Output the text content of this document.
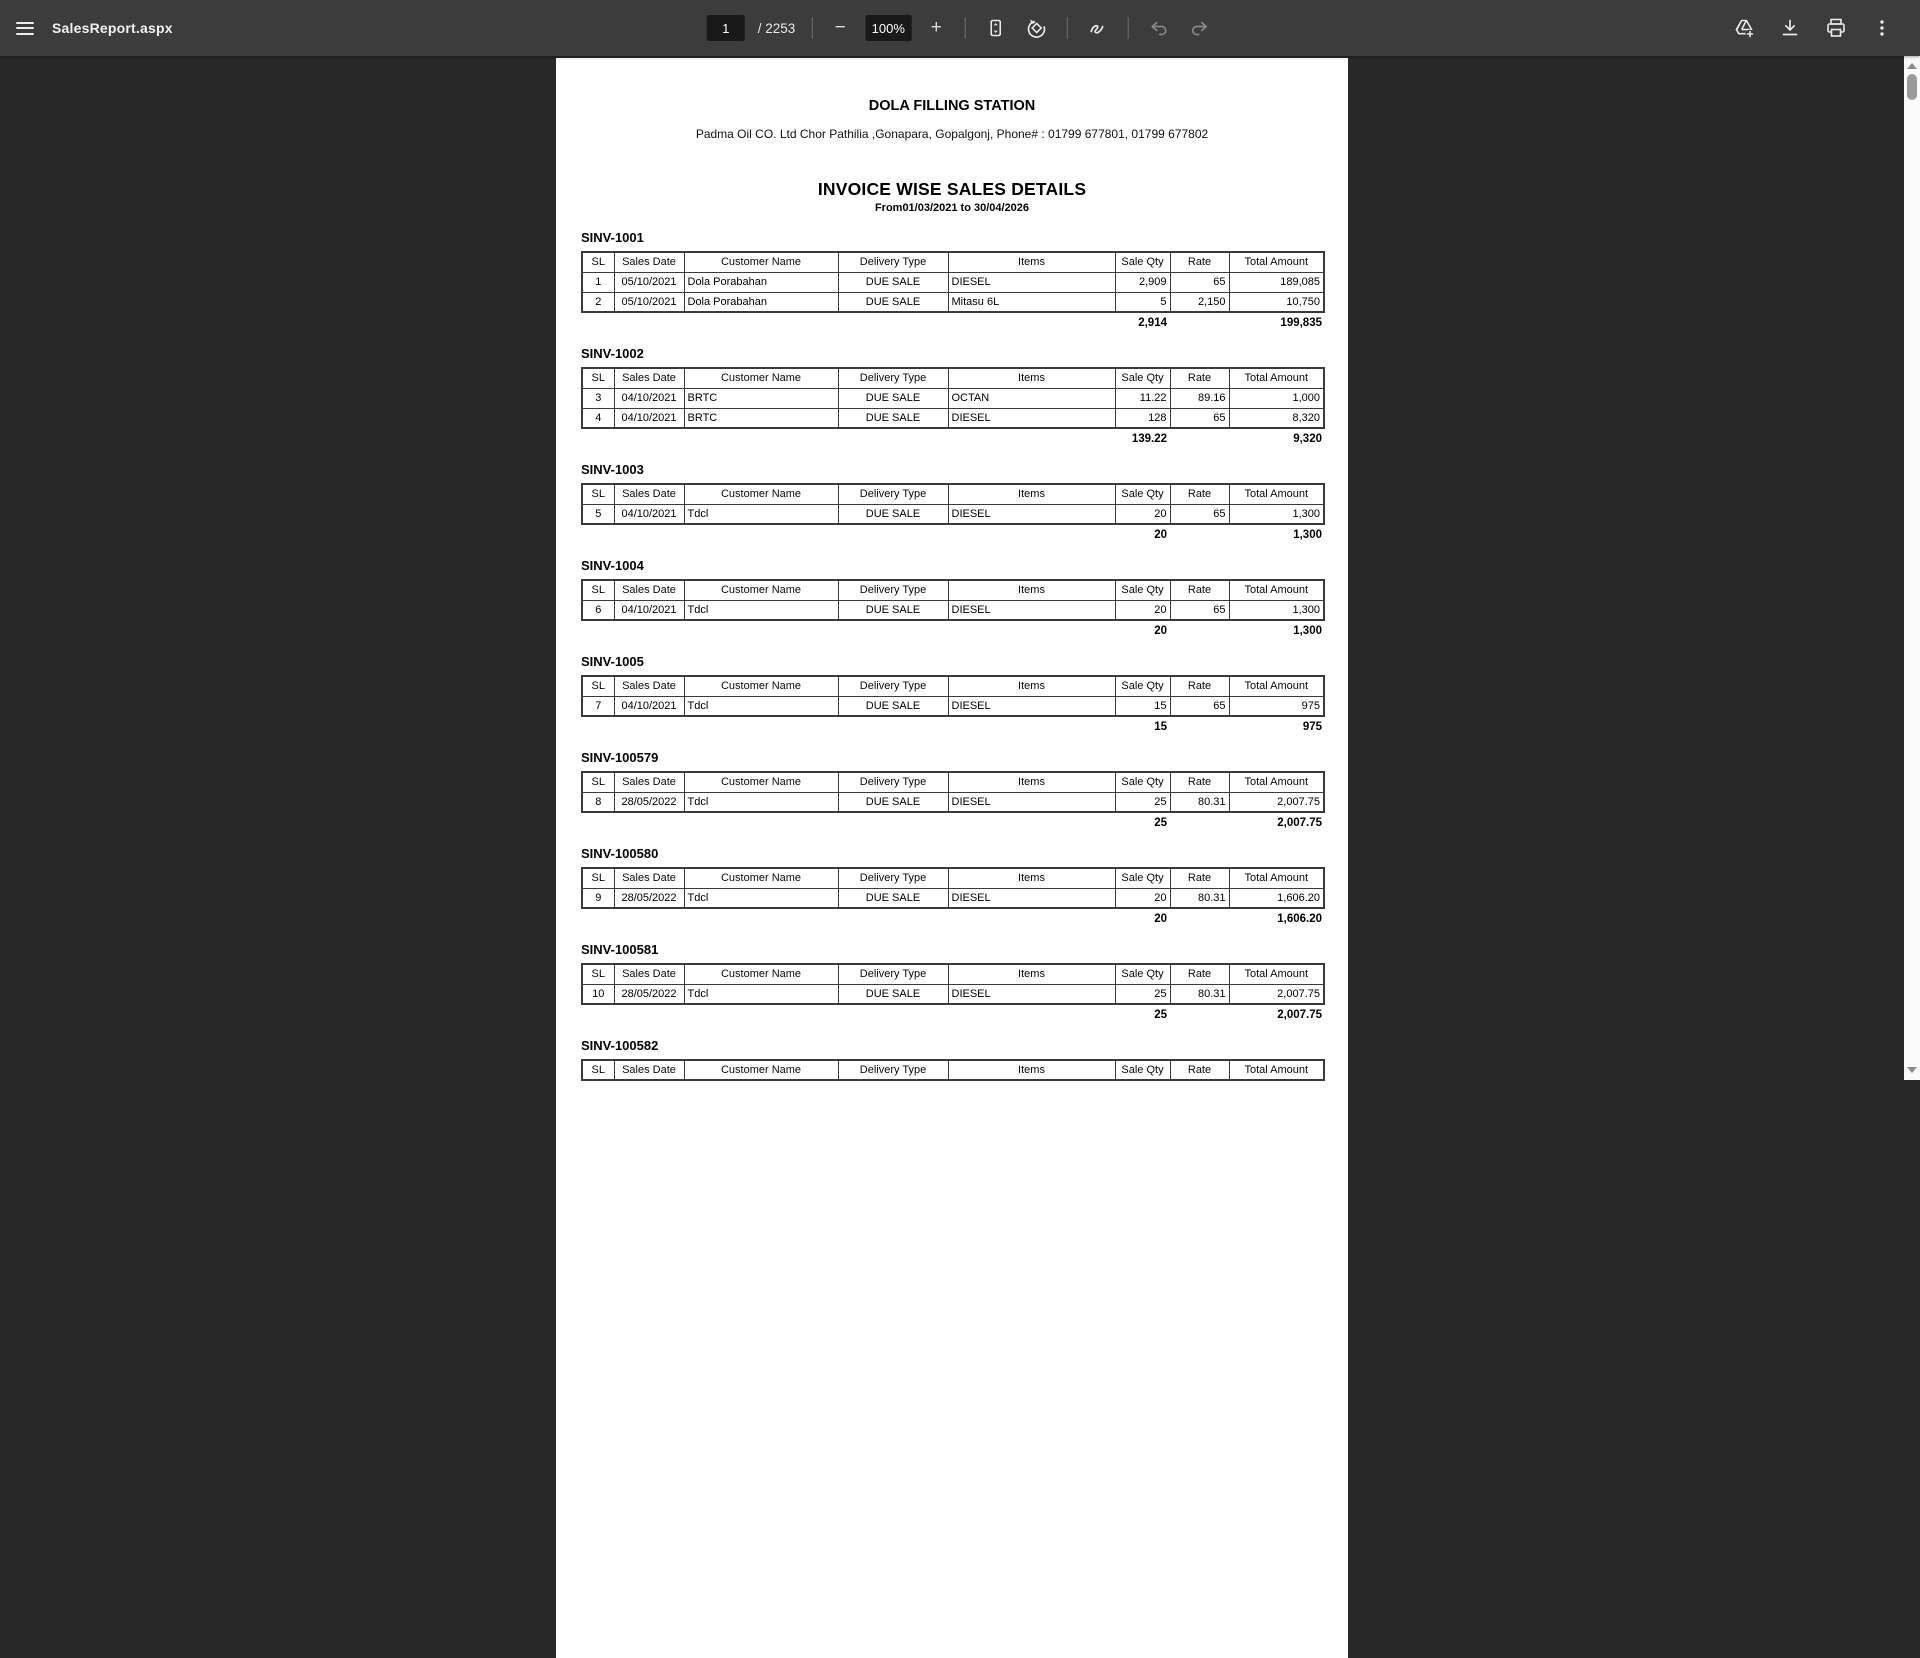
SalesReport.aspx
1	/ 2253	−	100%	+
DOLA FILLING STATION
Padma Oil CO. Ltd Chor Pathilia ,Gonapara, Gopalgonj, Phone# : 01799 677801, 01799 677802
INVOICE WISE SALES DETAILS
From01/03/2021 to 30/04/2026
SINV-1001
SL	Sales Date	Customer Name	Delivery Type	Items	Sale Qty	Rate	Total Amount
1	05/10/2021	Dola Porabahan	DUE SALE	DIESEL	2,909	65	189,085
2	05/10/2021	Dola Porabahan	DUE SALE	Mitasu 6L	5	2,150	10,750
2,914	199,835
SINV-1002
SL	Sales Date	Customer Name	Delivery Type	Items	Sale Qty	Rate	Total Amount
3	04/10/2021	BRTC	DUE SALE	OCTAN	11.22	89.16	1,000
4	04/10/2021	BRTC	DUE SALE	DIESEL	128	65	8,320
139.22	9,320
SINV-1003
SL	Sales Date	Customer Name	Delivery Type	Items	Sale Qty	Rate	Total Amount
5	04/10/2021	Tdcl	DUE SALE	DIESEL	20	65	1,300
20	1,300
SINV-1004
SL	Sales Date	Customer Name	Delivery Type	Items	Sale Qty	Rate	Total Amount
6	04/10/2021	Tdcl	DUE SALE	DIESEL	20	65	1,300
20	1,300
SINV-1005
SL	Sales Date	Customer Name	Delivery Type	Items	Sale Qty	Rate	Total Amount
7	04/10/2021	Tdcl	DUE SALE	DIESEL	15	65	975
15	975
SINV-100579
SL	Sales Date	Customer Name	Delivery Type	Items	Sale Qty	Rate	Total Amount
8	28/05/2022	Tdcl	DUE SALE	DIESEL	25	80.31	2,007.75
25	2,007.75
SINV-100580
SL	Sales Date	Customer Name	Delivery Type	Items	Sale Qty	Rate	Total Amount
9	28/05/2022	Tdcl	DUE SALE	DIESEL	20	80.31	1,606.20
20	1,606.20
SINV-100581
SL	Sales Date	Customer Name	Delivery Type	Items	Sale Qty	Rate	Total Amount
10	28/05/2022	Tdcl	DUE SALE	DIESEL	25	80.31	2,007.75
25	2,007.75
SINV-100582
SL	Sales Date	Customer Name	Delivery Type	Items	Sale Qty	Rate	Total Amount
